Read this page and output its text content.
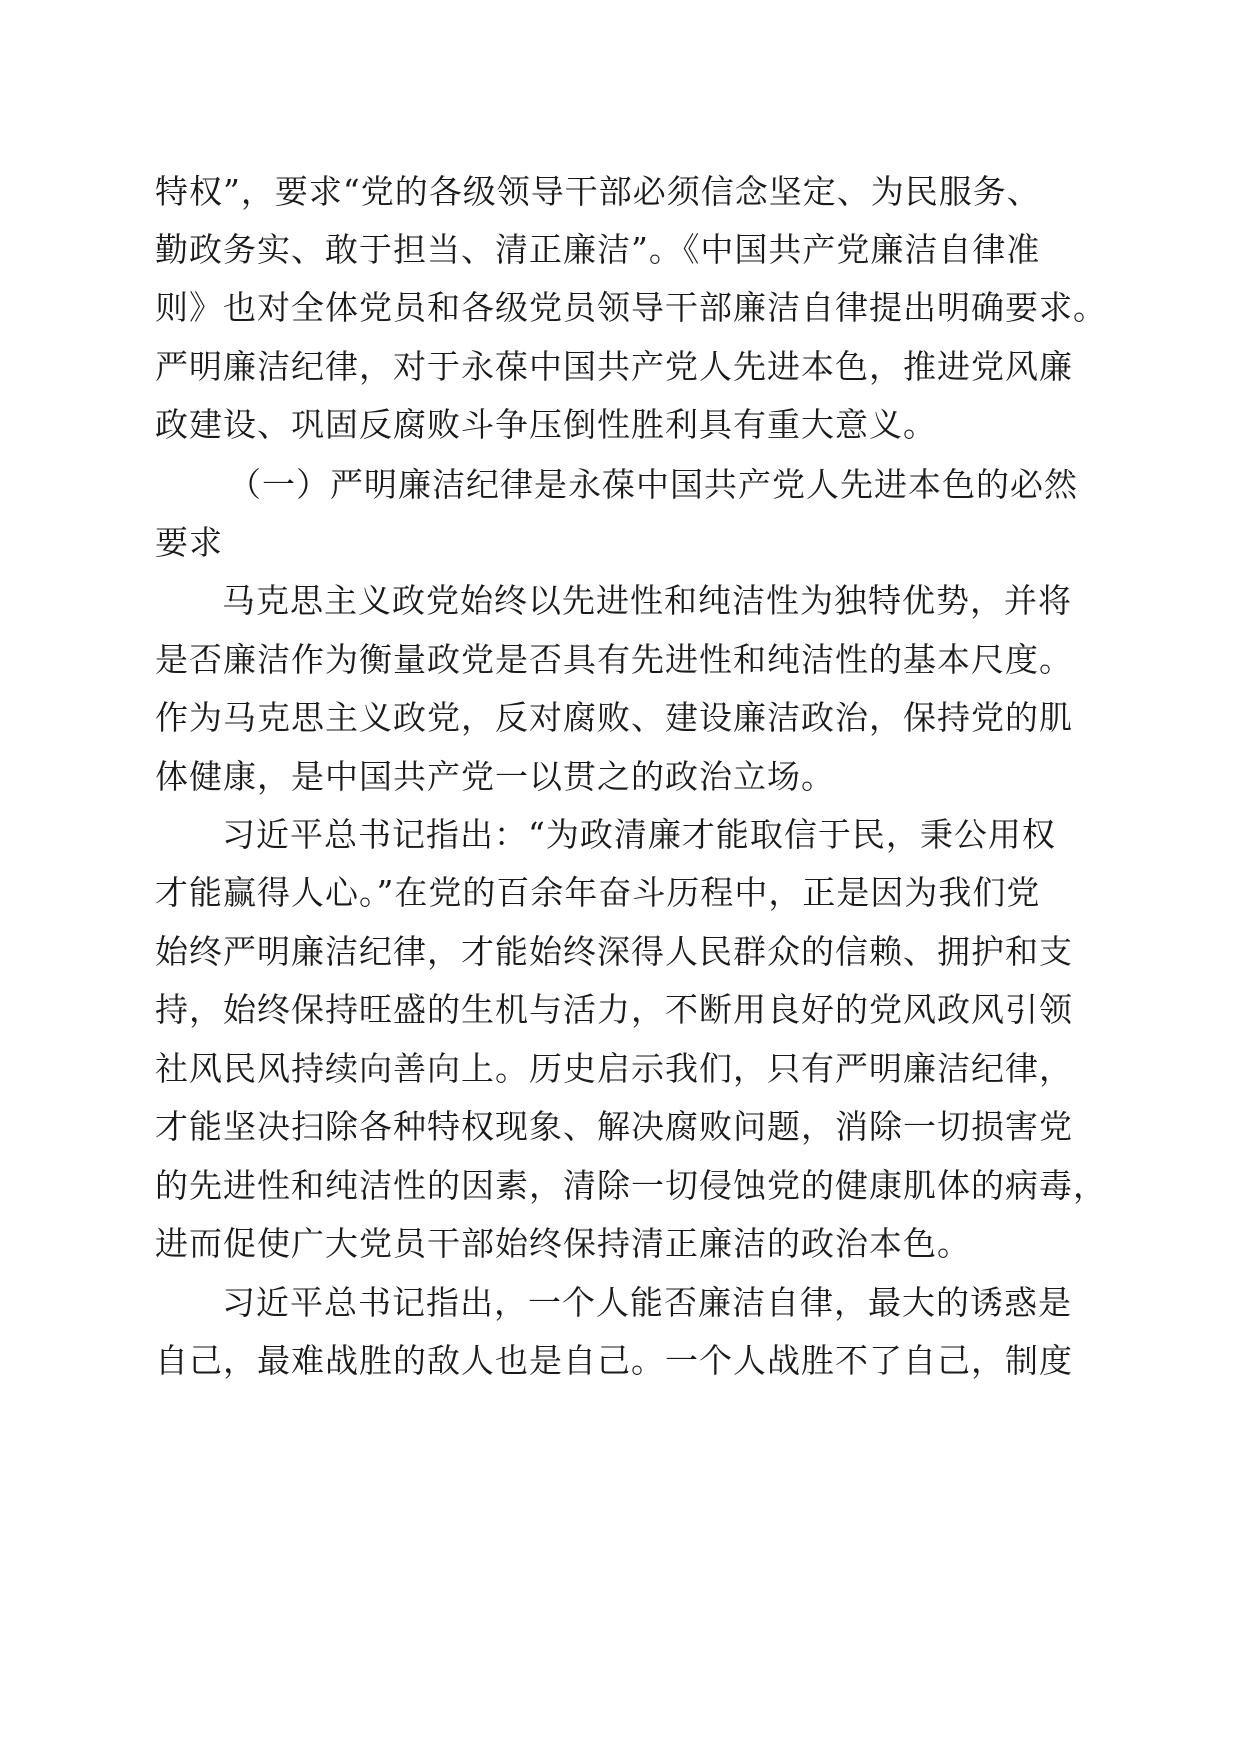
特权”，要求“党的各级领导干部必须信念坚定、为民服务、
勤政务实、敢于担当、清正廉洁”。《中国共产党廉洁自律准
则》也对全体党员和各级党员领导干部廉洁自律提出明确要求。
严明廉洁纪律，对于永葆中国共产党人先进本色，推进党风廉
政建设、巩固反腐败斗争压倒性胜利具有重大意义。
（一）严明廉洁纪律是永葆中国共产党人先进本色的必然
要求
马克思主义政党始终以先进性和纯洁性为独特优势，并将
是否廉洁作为衡量政党是否具有先进性和纯洁性的基本尺度。
作为马克思主义政党，反对腐败、建设廉洁政治，保持党的肌
体健康，是中国共产党一以贯之的政治立场。
习近平总书记指出：“为政清廉才能取信于民，秉公用权
才能赢得人心。”在党的百余年奋斗历程中，正是因为我们党
始终严明廉洁纪律，才能始终深得人民群众的信赖、拥护和支
持，始终保持旺盛的生机与活力，不断用良好的党风政风引领
社风民风持续向善向上。历史启示我们，只有严明廉洁纪律，
才能坚决扫除各种特权现象、解决腐败问题，消除一切损害党
的先进性和纯洁性的因素，清除一切侵蚀党的健康肌体的病毒，
进而促使广大党员干部始终保持清正廉洁的政治本色。
习近平总书记指出，一个人能否廉洁自律，最大的诱惑是
自己，最难战胜的敌人也是自己。一个人战胜不了自己，制度
